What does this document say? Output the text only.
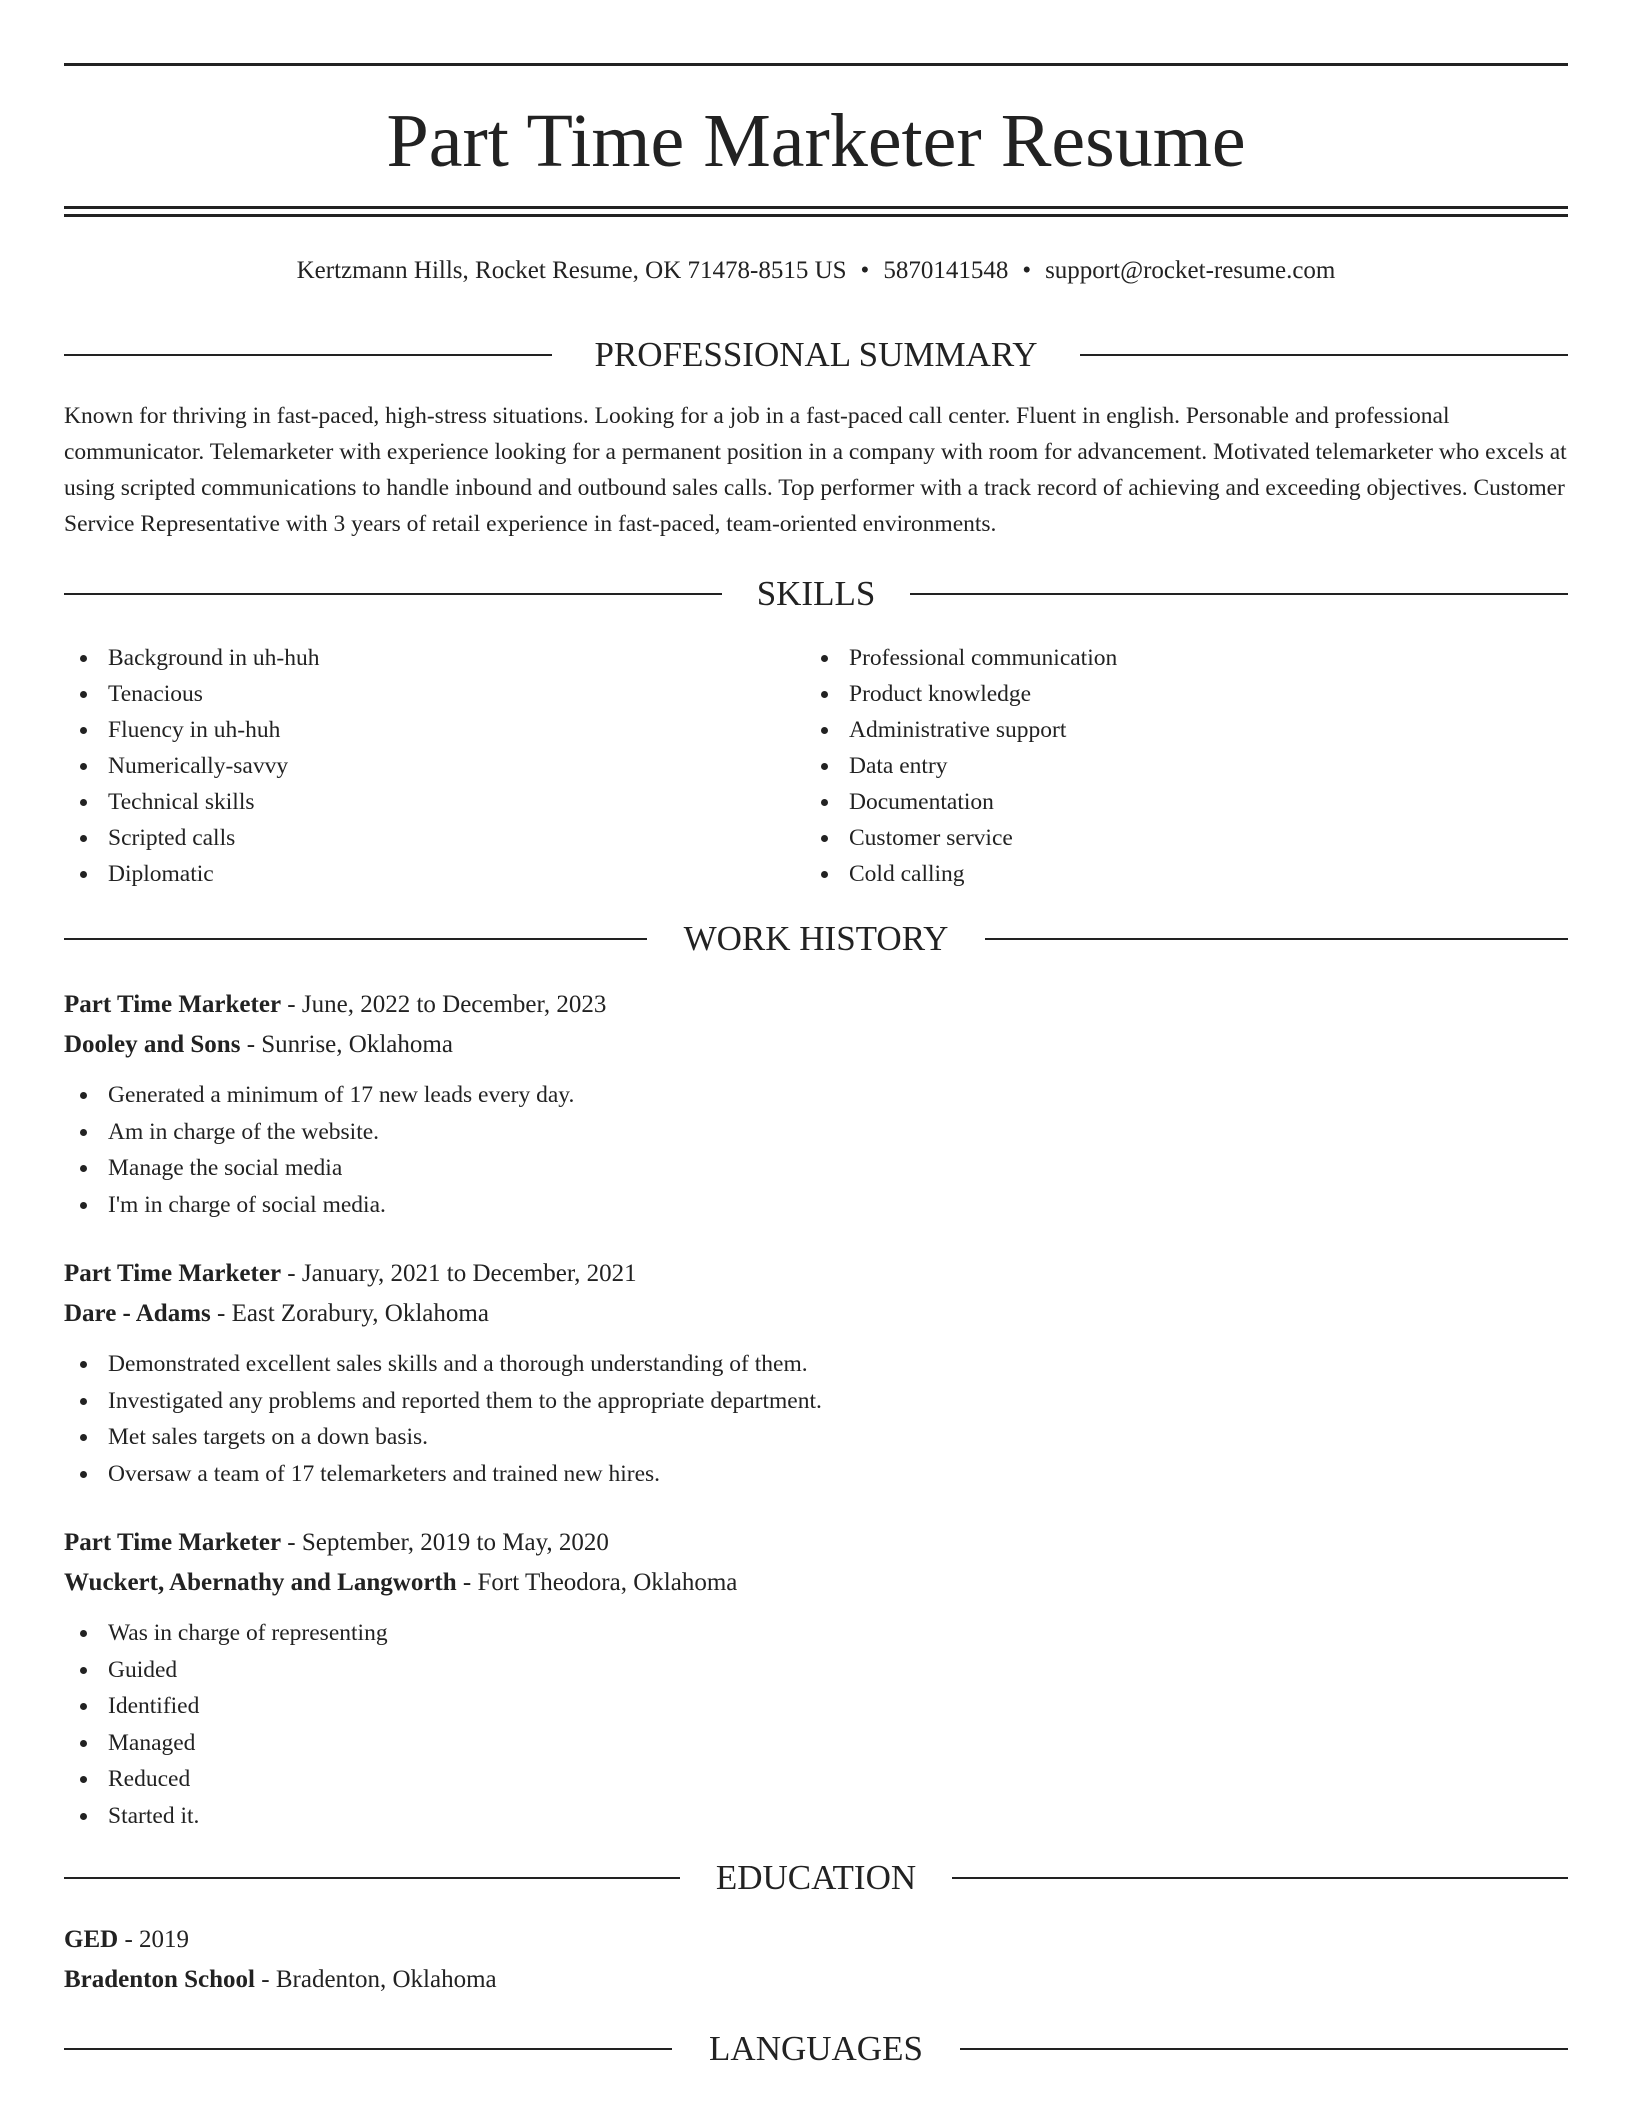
Part Time Marketer Resume
Kertzmann Hills, Rocket Resume, OK 71478-8515 US • 5870141548 • support@rocket-resume.com
PROFESSIONAL SUMMARY

Known for thriving in fast-paced, high-stress situations. Looking for a job in a fast-paced call center. Fluent in english. Personable and professional communicator. Telemarketer with experience looking for a permanent position in a company with room for advancement. Motivated telemarketer who excels at using scripted communications to handle inbound and outbound sales calls. Top performer with a track record of achieving and exceeding objectives. Customer Service Representative with 3 years of retail experience in fast-paced, team-oriented environments.

SKILLS
Background in uh-huh
Tenacious
Fluency in uh-huh
Numerically-savvy
Technical skills
Scripted calls
Diplomatic
Professional communication
Product knowledge
Administrative support
Data entry
Documentation
Customer service
Cold calling
WORK HISTORY
Part Time Marketer - June, 2022 to December, 2023
Dooley and Sons - Sunrise, Oklahoma
Generated a minimum of 17 new leads every day.
Am in charge of the website.
Manage the social media
I'm in charge of social media.
Part Time Marketer - January, 2021 to December, 2021
Dare - Adams - East Zorabury, Oklahoma
Demonstrated excellent sales skills and a thorough understanding of them.
Investigated any problems and reported them to the appropriate department.
Met sales targets on a down basis.
Oversaw a team of 17 telemarketers and trained new hires.
Part Time Marketer - September, 2019 to May, 2020
Wuckert, Abernathy and Langworth - Fort Theodora, Oklahoma
Was in charge of representing
Guided
Identified
Managed
Reduced
Started it.
EDUCATION
GED - 2019
Bradenton School - Bradenton, Oklahoma
LANGUAGES
